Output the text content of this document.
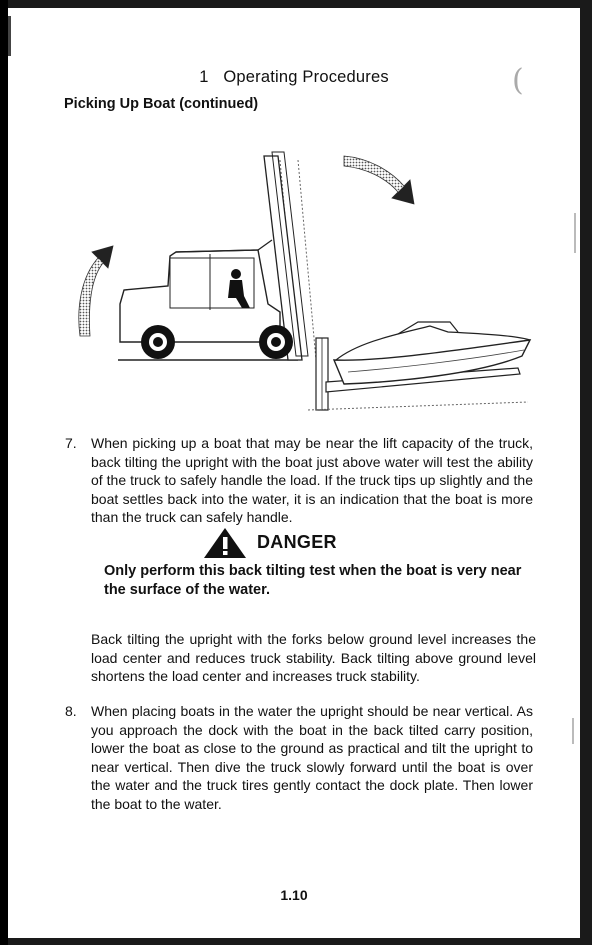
1 Operating Procedures	(
Picking Up Boat (continued)
7. When picking up a boat that may be near the lift capacity of the truck, back tilting the upright with the boat just above water will test the ability of the truck to safely handle the load. If the truck tips up slightly and the boat settles back into the water, it is an indication that the boat is more than the truck can safely handle.
DANGER
Only perform this back tilting test when the boat is very near the surface of the water.
Back tilting the upright with the forks below ground level increases the load center and reduces truck stability. Back tilting above ground level shortens the load center and increases truck stability.
8. When placing boats in the water the upright should be near vertical. As you approach the dock with the boat in the back tilted carry position, lower the boat as close to the ground as practical and tilt the upright to near vertical. Then dive the truck slowly forward until the boat is over the water and the truck tires gently contact the dock plate. Then lower the boat to the water.
1.10
